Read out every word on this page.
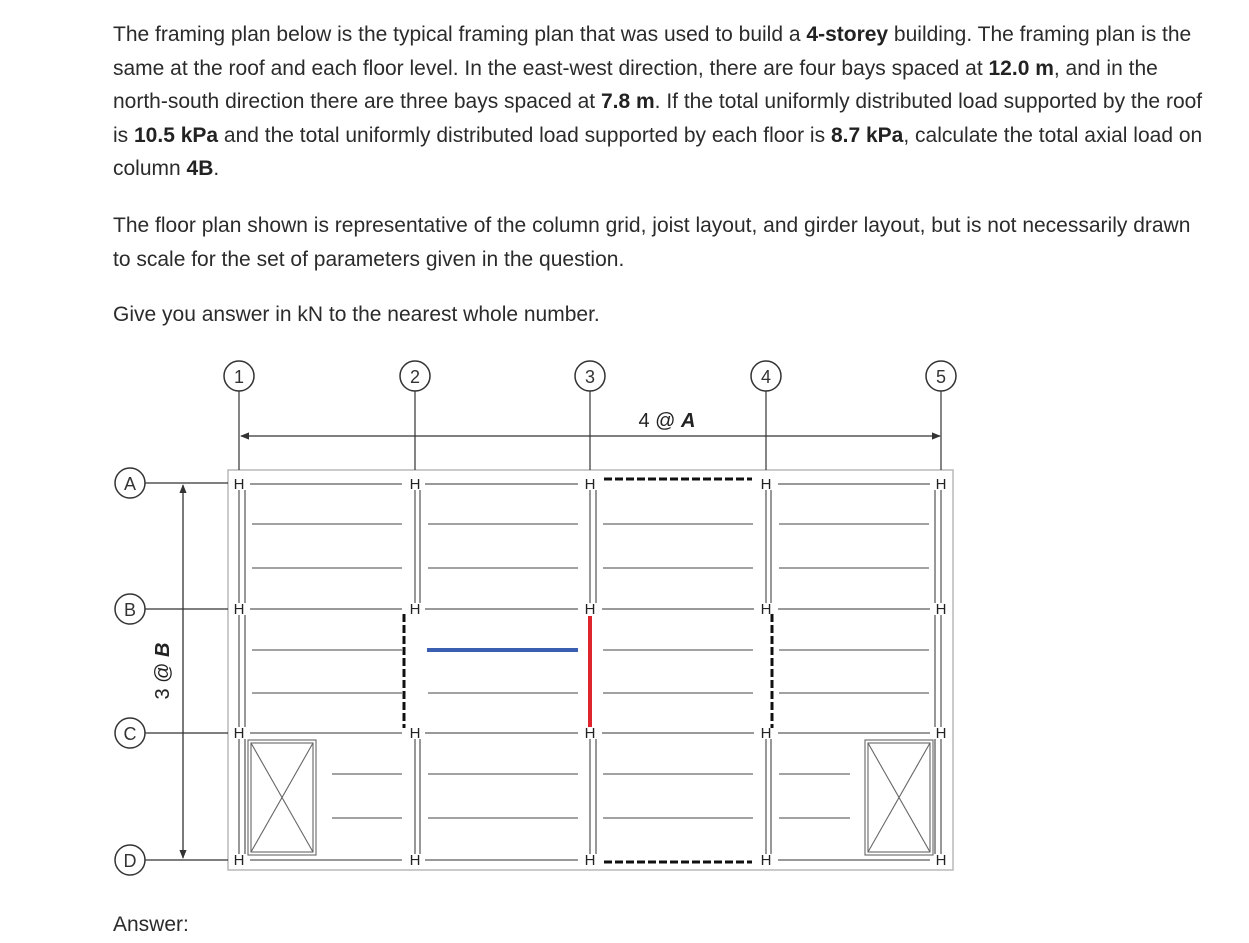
The framing plan below is the typical framing plan that was used to build a 4-storey building. The framing plan is the same at the roof and each floor level. In the east-west direction, there are four bays spaced at 12.0 m, and in the north-south direction there are three bays spaced at 7.8 m. If the total uniformly distributed load supported by the roof is 10.5 kPa and the total uniformly distributed load supported by each floor is 8.7 kPa, calculate the total axial load on column 4B.

The floor plan shown is representative of the column grid, joist layout, and girder layout, but is not necessarily drawn to scale for the set of parameters given in the question.

Give you answer in kN to the nearest whole number.

1	2	3	4	5
A
B
C
D
4 @ A
3 @ B
H	H	H	H	H
H	H	H	H	H
H	H	H	H	H
H	H	H	H	H
Answer:
